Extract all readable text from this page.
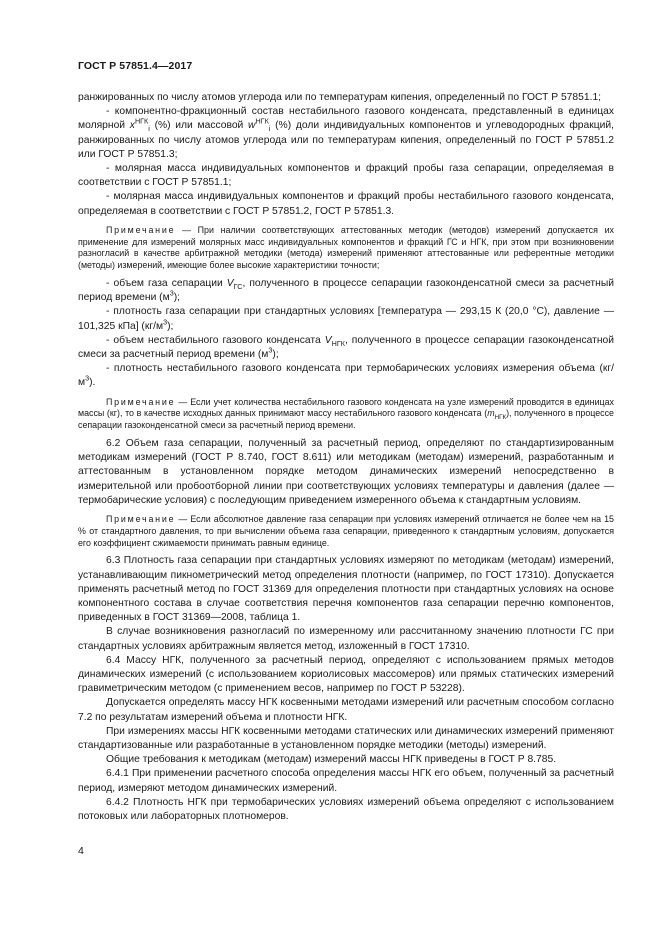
ГОСТ Р 57851.4—2017

ранжированных по числу атомов углерода или по температурам кипения, определенный по ГОСТ Р 57851.1;

- компонентно-фракционный состав нестабильного газового конденсата, представленный в единицах молярной $x^{НГК}_i$ (%) или массовой $w^{НГК}_i$ (%) доли индивидуальных компонентов и углеводородных фракций, ранжированных по числу атомов углерода или по температурам кипения, определенный по ГОСТ Р 57851.2 или ГОСТ Р 57851.3;

- молярная масса индивидуальных компонентов и фракций пробы газа сепарации, определяемая в соответствии с ГОСТ Р 57851.1;

- молярная масса индивидуальных компонентов и фракций пробы нестабильного газового конденсата, определяемая в соответствии с ГОСТ Р 57851.2, ГОСТ Р 57851.3.

Примечание — При наличии соответствующих аттестованных методик (методов) измерений допускается их применение для измерений молярных масс индивидуальных компонентов и фракций ГС и НГК, при этом при возникновении разногласий в качестве арбитражной методики (метода) измерений применяют аттестованные или референтные методики (методы) измерений, имеющие более высокие характеристики точности;

- объем газа сепарации $V_{ГС}$, полученного в процессе сепарации газоконденсатной смеси за расчетный период времени $(м^3)$;

- плотность газа сепарации при стандартных условиях [температура — 293,15 К (20,0 °С), давление — 101,325 кПа] $(кг/м^3)$;

- объем нестабильного газового конденсата $V_{НГК}$, полученного в процессе сепарации газоконденсатной смеси за расчетный период времени $(м^3)$;

- плотность нестабильного газового конденсата при термобарических условиях измерения объема $(кг/м^3)$.

Примечание — Если учет количества нестабильного газового конденсата на узле измерений проводится в единицах массы (кг), то в качестве исходных данных принимают массу нестабильного газового конденсата $(m_{НГК})$, полученного в процессе сепарации газоконденсатной смеси за расчетный период времени.

6.2 Объем газа сепарации, полученный за расчетный период, определяют по стандартизированным методикам измерений (ГОСТ Р 8.740, ГОСТ 8.611) или методикам (методам) измерений, разработанным и аттестованным в установленном порядке методом динамических измерений непосредственно в измерительной или пробоотборной линии при соответствующих условиях температуры и давления (далее — термобарические условия) с последующим приведением измеренного объема к стандартным условиям.

Примечание — Если абсолютное давление газа сепарации при условиях измерений отличается не более чем на 15 % от стандартного давления, то при вычислении объема газа сепарации, приведенного к стандартным условиям, допускается его коэффициент сжимаемости принимать равным единице.

6.3 Плотность газа сепарации при стандартных условиях измеряют по методикам (методам) измерений, устанавливающим пикнометрический метод определения плотности (например, по ГОСТ 17310). Допускается применять расчетный метод по ГОСТ 31369 для определения плотности при стандартных условиях на основе компонентного состава в случае соответствия перечня компонентов газа сепарации перечню компонентов, приведенных в ГОСТ 31369—2008, таблица 1.

В случае возникновения разногласий по измеренному или рассчитанному значению плотности ГС при стандартных условиях арбитражным является метод, изложенный в ГОСТ 17310.

6.4 Массу НГК, полученного за расчетный период, определяют с использованием прямых методов динамических измерений (с использованием кориолисовых массомеров) или прямых статических измерений гравиметрическим методом (с применением весов, например по ГОСТ Р 53228).

Допускается определять массу НГК косвенными методами измерений или расчетным способом согласно 7.2 по результатам измерений объема и плотности НГК.

При измерениях массы НГК косвенными методами статических или динамических измерений применяют стандартизованные или разработанные в установленном порядке методики (методы) измерений.

Общие требования к методикам (методам) измерений массы НГК приведены в ГОСТ Р 8.785.

6.4.1 При применении расчетного способа определения массы НГК его объем, полученный за расчетный период, измеряют методом динамических измерений.

6.4.2 Плотность НГК при термобарических условиях измерений объема определяют с использованием потоковых или лабораторных плотномеров.

4
